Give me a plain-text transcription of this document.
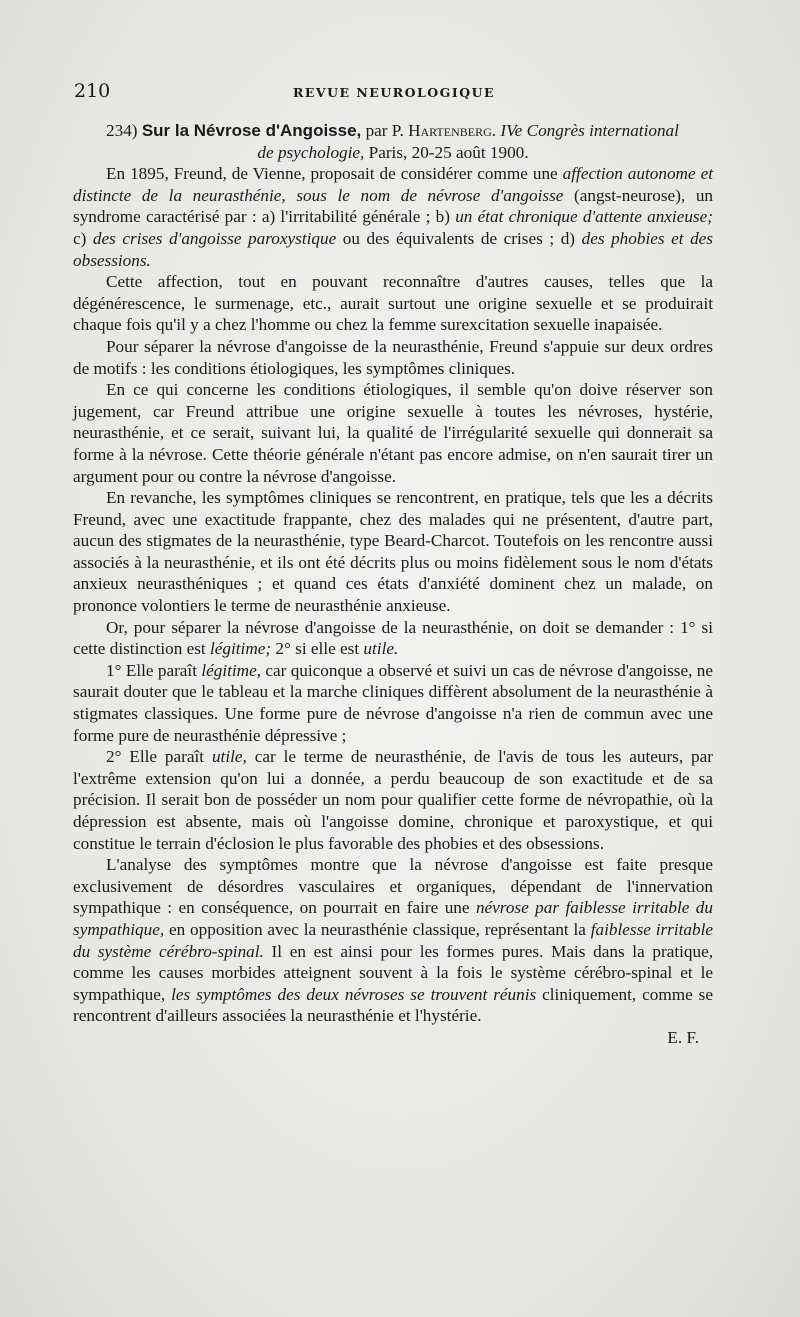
210	REVUE NEUROLOGIQUE
234) Sur la Névrose d'Angoisse, par P. Hartenberg. IVe Congrès international
de psychologie, Paris, 20-25 août 1900.

En 1895, Freund, de Vienne, proposait de considérer comme une affection autonome et distincte de la neurasthénie, sous le nom de névrose d'angoisse (angst-neurose), un syndrome caractérisé par : a) l'irritabilité générale ; b) un état chronique d'attente anxieuse; c) des crises d'angoisse paroxystique ou des équivalents de crises ; d) des phobies et des obsessions.

Cette affection, tout en pouvant reconnaître d'autres causes, telles que la dégénérescence, le surmenage, etc., aurait surtout une origine sexuelle et se produirait chaque fois qu'il y a chez l'homme ou chez la femme surexcitation sexuelle inapaisée.

Pour séparer la névrose d'angoisse de la neurasthénie, Freund s'appuie sur deux ordres de motifs : les conditions étiologiques, les symptômes cliniques.

En ce qui concerne les conditions étiologiques, il semble qu'on doive réserver son jugement, car Freund attribue une origine sexuelle à toutes les névroses, hystérie, neurasthénie, et ce serait, suivant lui, la qualité de l'irrégularité sexuelle qui donnerait sa forme à la névrose. Cette théorie générale n'étant pas encore admise, on n'en saurait tirer un argument pour ou contre la névrose d'angoisse.

En revanche, les symptômes cliniques se rencontrent, en pratique, tels que les a décrits Freund, avec une exactitude frappante, chez des malades qui ne présentent, d'autre part, aucun des stigmates de la neurasthénie, type Beard-Charcot. Toutefois on les rencontre aussi associés à la neurasthénie, et ils ont été décrits plus ou moins fidèlement sous le nom d'états anxieux neurasthéniques ; et quand ces états d'anxiété dominent chez un malade, on prononce volontiers le terme de neurasthénie anxieuse.

Or, pour séparer la névrose d'angoisse de la neurasthénie, on doit se demander : 1° si cette distinction est légitime; 2° si elle est utile.

1° Elle paraît légitime, car quiconque a observé et suivi un cas de névrose d'angoisse, ne saurait douter que le tableau et la marche cliniques diffèrent absolument de la neurasthénie à stigmates classiques. Une forme pure de névrose d'angoisse n'a rien de commun avec une forme pure de neurasthénie dépressive ;

2° Elle paraît utile, car le terme de neurasthénie, de l'avis de tous les auteurs, par l'extrême extension qu'on lui a donnée, a perdu beaucoup de son exactitude et de sa précision. Il serait bon de posséder un nom pour qualifier cette forme de névropathie, où la dépression est absente, mais où l'angoisse domine, chronique et paroxystique, et qui constitue le terrain d'éclosion le plus favorable des phobies et des obsessions.

L'analyse des symptômes montre que la névrose d'angoisse est faite presque exclusivement de désordres vasculaires et organiques, dépendant de l'innervation sympathique : en conséquence, on pourrait en faire une névrose par faiblesse irritable du sympathique, en opposition avec la neurasthénie classique, représentant la faiblesse irritable du système cérébro-spinal. Il en est ainsi pour les formes pures. Mais dans la pratique, comme les causes morbides atteignent souvent à la fois le système cérébro-spinal et le sympathique, les symptômes des deux névroses se trouvent réunis cliniquement, comme se rencontrent d'ailleurs associées la neurasthénie et l'hystérie.

E. F.
